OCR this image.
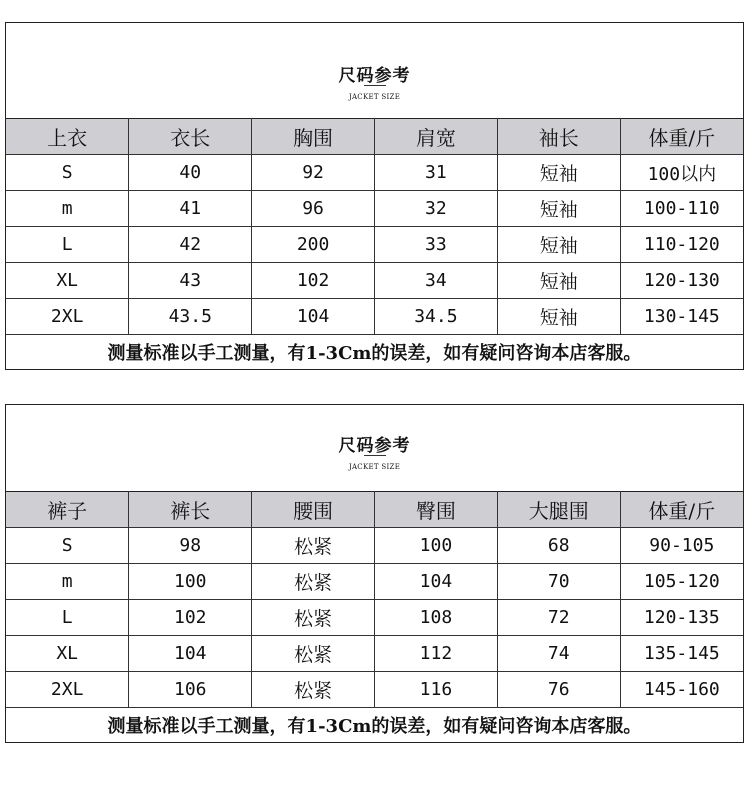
尺码参考
JACKET SIZE
上衣	衣长	胸围	肩宽	袖长	体重/斤
S	40	92	31	短袖	100以内
m	41	96	32	短袖	100-110
L	42	200	33	短袖	110-120
XL	43	102	34	短袖	120-130
2XL	43.5	104	34.5	短袖	130-145
测量标准以手工测量，有1-3Cm的误差，如有疑问咨询本店客服。					
尺码参考
JACKET SIZE
裤子	裤长	腰围	臀围	大腿围	体重/斤
S	98	松紧	100	68	90-105
m	100	松紧	104	70	105-120
L	102	松紧	108	72	120-135
XL	104	松紧	112	74	135-145
2XL	106	松紧	116	76	145-160
测量标准以手工测量，有1-3Cm的误差，如有疑问咨询本店客服。					
